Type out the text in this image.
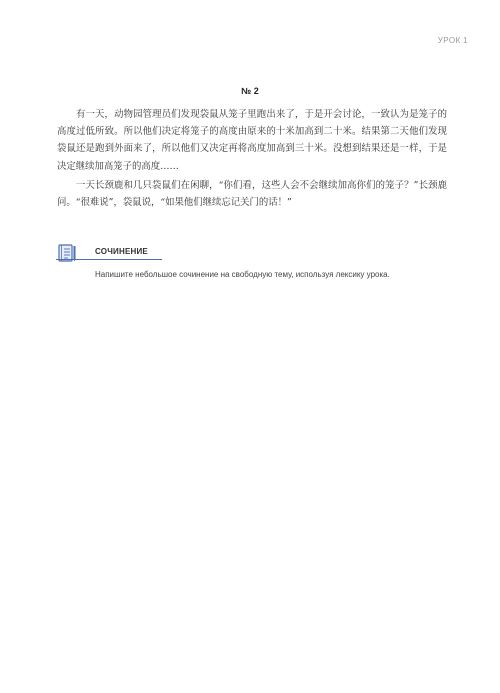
УРОК 1
№ 2

有一天，动物园管理员们发现袋鼠从笼子里跑出来了，于是开会讨论，一致认为是笼子的高度过低所致。所以他们决定将笼子的高度由原来的十米加高到二十米。结果第二天他们发现袋鼠还是跑到外面来了，所以他们又决定再将高度加高到三十米。没想到结果还是一样，于是决定继续加高笼子的高度……

一天长颈鹿和几只袋鼠们在闲聊，“你们看，这些人会不会继续加高你们的笼子？”长颈鹿问。“很难说”，袋鼠说，“如果他们继续忘记关门的话！”

СОЧИНЕНИЕ
Напишите небольшое сочинение на свободную тему, используя лексику урока.
